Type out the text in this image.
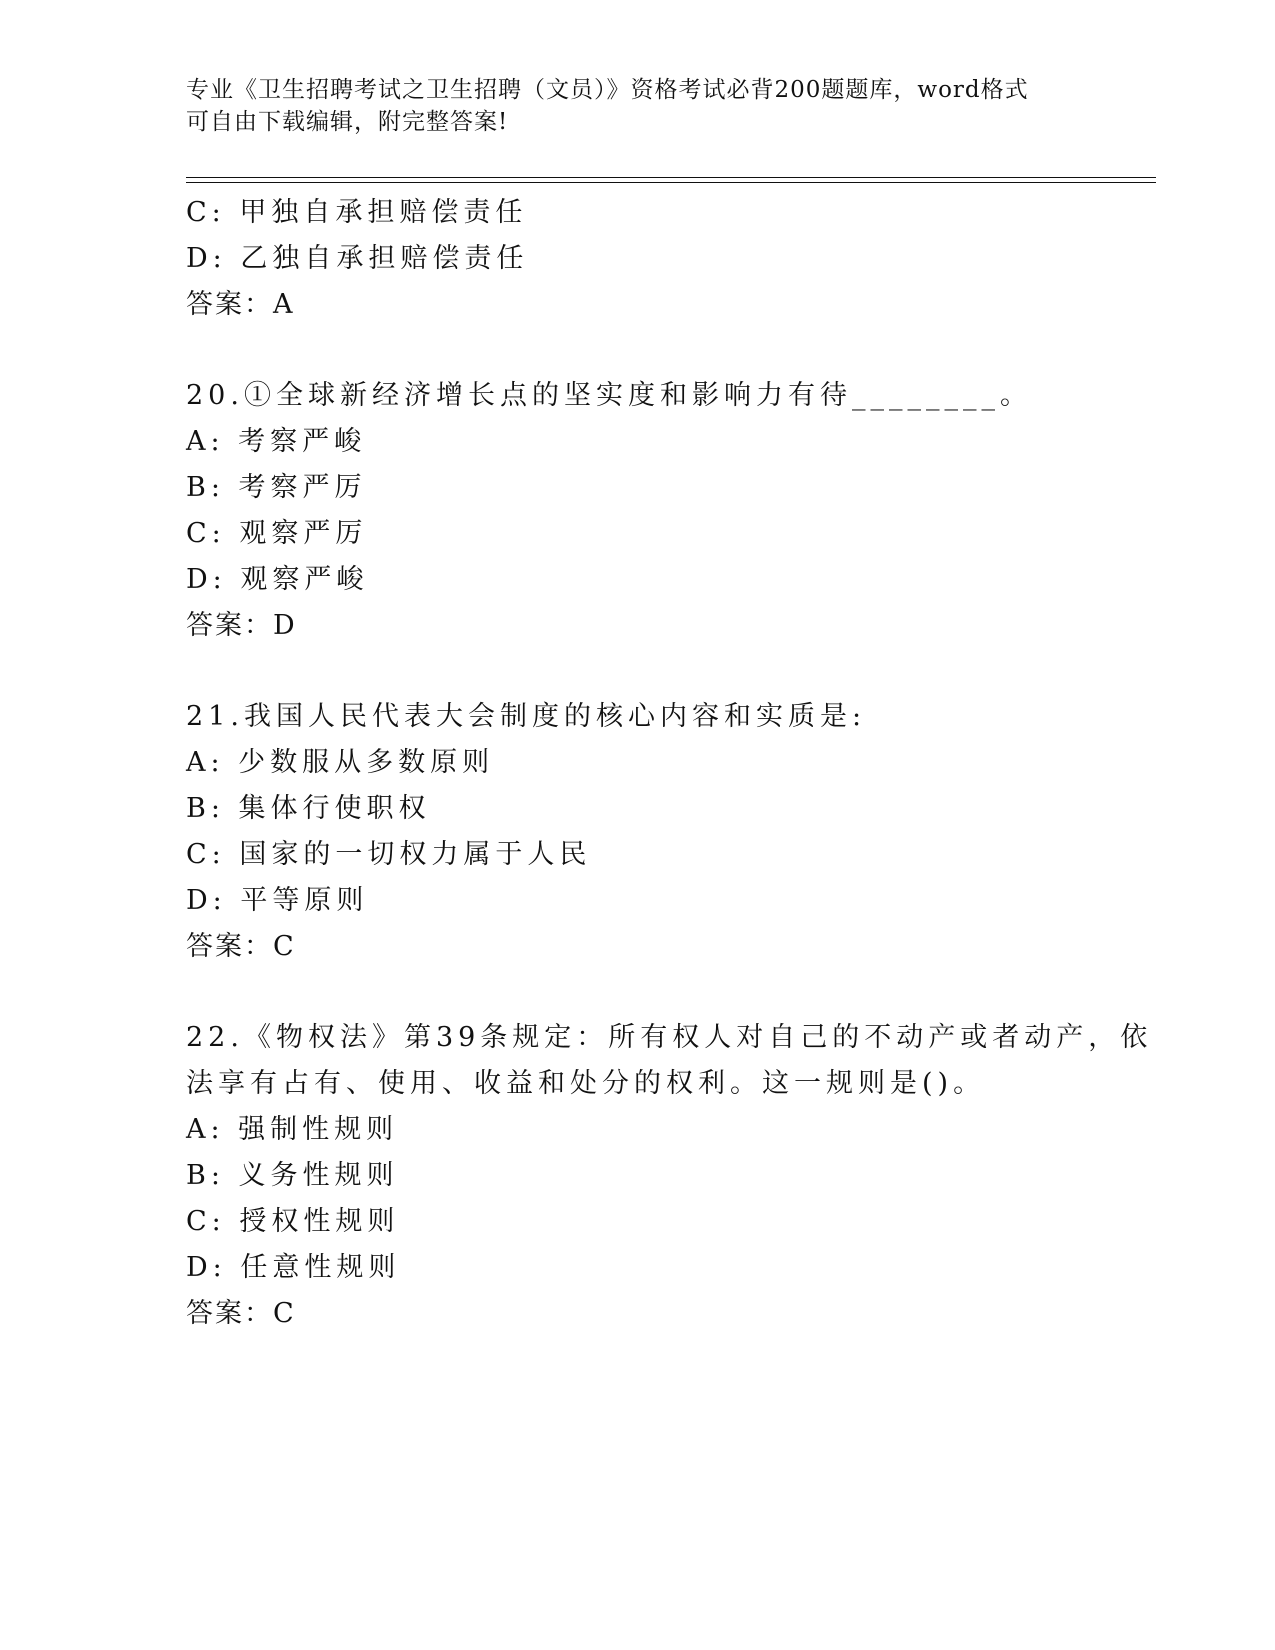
专业《卫生招聘考试之卫生招聘（文员）》资格考试必背200题题库，word格式
可自由下载编辑，附完整答案!
C: 甲独自承担赔偿责任
D: 乙独自承担赔偿责任
答案：A
20.①全球新经济增长点的坚实度和影响力有待________。
A: 考察严峻
B: 考察严厉
C: 观察严厉
D: 观察严峻
答案：D
21.我国人民代表大会制度的核心内容和实质是:
A: 少数服从多数原则
B: 集体行使职权
C: 国家的一切权力属于人民
D: 平等原则
答案：C
22.《物权法》第39条规定：所有权人对自己的不动产或者动产，依
法享有占有、使用、收益和处分的权利。这一规则是()。
A: 强制性规则
B: 义务性规则
C: 授权性规则
D: 任意性规则
答案：C
